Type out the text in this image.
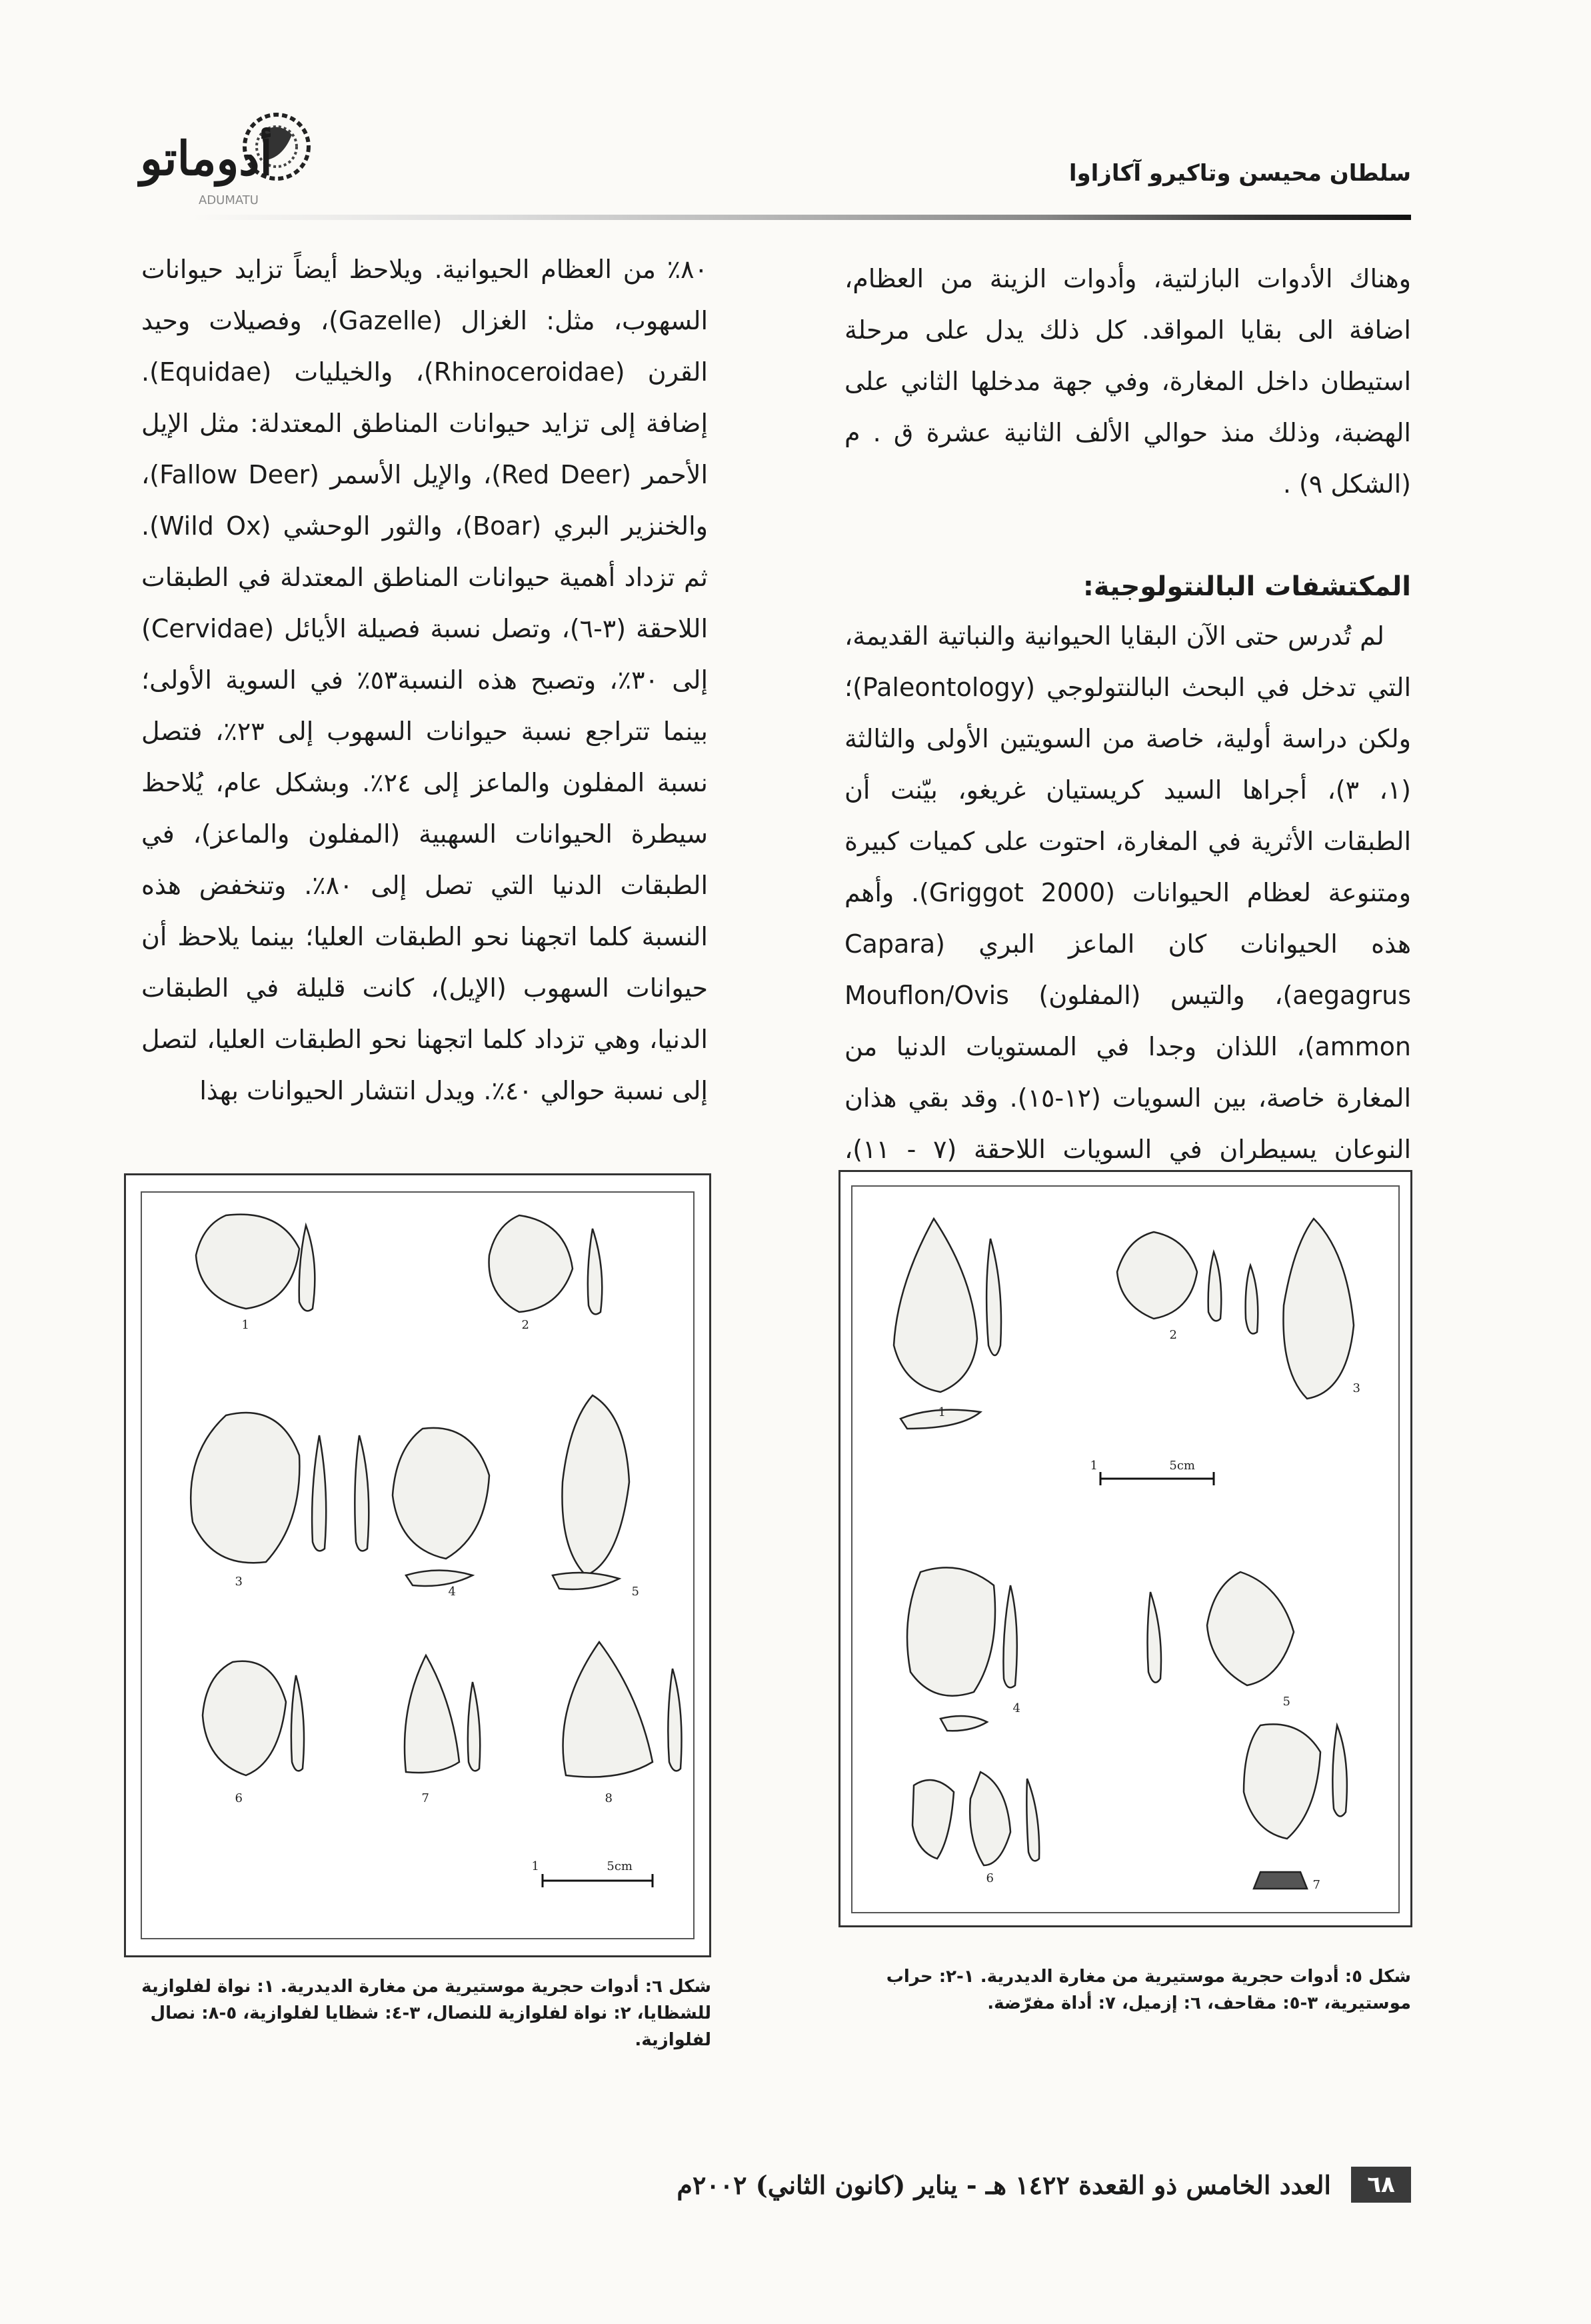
سلطان محيسن وتاكيرو آكازاوا
أدوماتو
ADUMATU

وهناك الأدوات البازلتية، وأدوات الزينة من العظام، اضافة الى بقايا المواقد. كل ذلك يدل على مرحلة استيطان داخل المغارة، وفي جهة مدخلها الثاني على الهضبة، وذلك منذ حوالي الألف الثانية عشرة ق . م (الشكل ٩) .

المكتشفات البالنتولوجية:

لم تُدرس حتى الآن البقايا الحيوانية والنباتية القديمة، التي تدخل في البحث البالنتولوجي (Paleontology)؛ ولكن دراسة أولية، خاصة من السويتين الأولى والثالثة (١، ٣)، أجراها السيد كريستيان غريغو، بيّنت أن الطبقات الأثرية في المغارة، احتوت على كميات كبيرة ومتنوعة لعظام الحيوانات (Griggot 2000). وأهم هذه الحيوانات كان الماعز البري (Capara aegagrus)، والتيس (المفلون) Mouflon/Ovis ammon)، اللذان وجدا في المستويات الدنيا من المغارة خاصة، بين السويات (١٢-١٥). وقد بقي هذان النوعان يسيطران في السويات اللاحقة (٧ - ١١)،

٨٠٪ من العظام الحيوانية. ويلاحظ أيضاً تزايد حيوانات السهوب، مثل: الغزال (Gazelle)، وفصيلات وحيد القرن (Rhinoceroidae)، والخيليات (Equidae). إضافة إلى تزايد حيوانات المناطق المعتدلة: مثل الإيل الأحمر (Red Deer)، والإيل الأسمر (Fallow Deer)، والخنزير البري (Boar)، والثور الوحشي (Wild Ox). ثم تزداد أهمية حيوانات المناطق المعتدلة في الطبقات اللاحقة (٣-٦)، وتصل نسبة فصيلة الأيائل (Cervidae) إلى ٣٠٪، وتصبح هذه النسبة٥٣٪ في السوية الأولى؛ بينما تتراجع نسبة حيوانات السهوب إلى ٢٣٪، فتصل نسبة المفلون والماعز إلى ٢٤٪. وبشكل عام، يُلاحظ سيطرة الحيوانات السهبية (المفلون والماعز)، في الطبقات الدنيا التي تصل إلى ٨٠٪. وتنخفض هذه النسبة كلما اتجهنا نحو الطبقات العليا؛ بينما يلاحظ أن حيوانات السهوب (الإيل)، كانت قليلة في الطبقات الدنيا، وهي تزداد كلما اتجهنا نحو الطبقات العليا، لتصل إلى نسبة حوالي ٤٠٪. ويدل انتشار الحيوانات بهذا

1	5cm
1
2
3
4	5
6	7
شكل ٥: أدوات حجرية موستيرية من مغارة الديدرية. ١-٢: حراب موستيرية، ٣-٥: مقاحف، ٦: إزميل، ٧: أداة مفرّضة.
1	5cm
1	2
3
4	5
6	7	8
شكل ٦: أدوات حجرية موستيرية من مغارة الديدرية. ١: نواة لفلوازية للشظايا، ٢: نواة لفلوازية للنصال، ٣-٤: شظايا لفلوازية، ٥-٨: نصال لفلوازية.
٦٨
العدد الخامس ذو القعدة ١٤٢٢ هـ - يناير (كانون الثاني) ٢٠٠٢م
